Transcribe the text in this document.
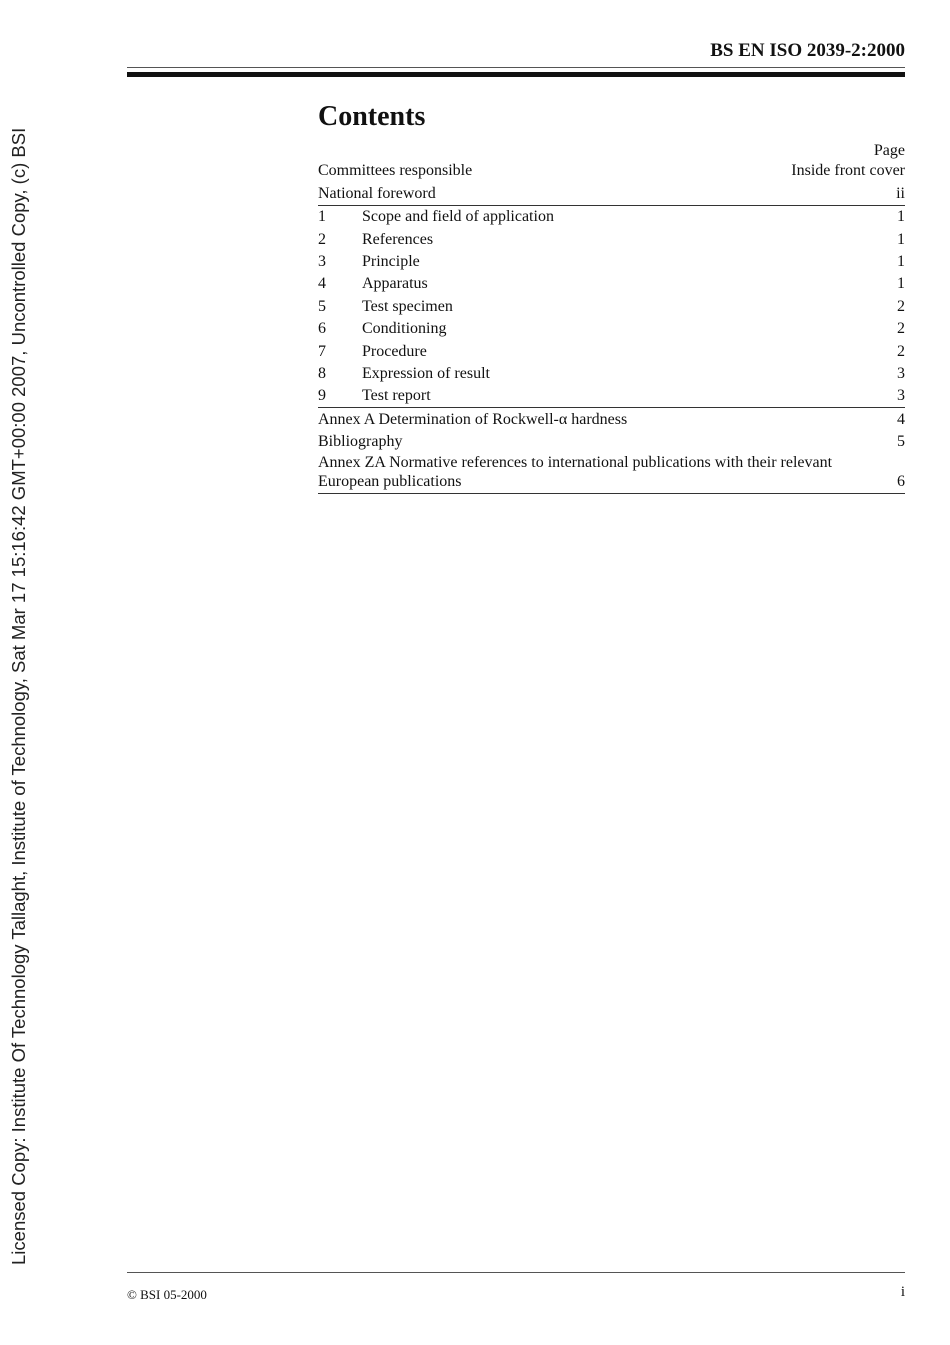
Licensed Copy: Institute Of Technology Tallaght, Institute of Technology, Sat Mar 17 15:16:42 GMT+00:00 2007, Uncontrolled Copy, (c) BSI
BS EN ISO 2039-2:2000
Contents
Page
Committees responsible	Inside front cover
National foreword	ii
1	Scope and field of application	1
2	References	1
3	Principle	1
4	Apparatus	1
5	Test specimen	2
6	Conditioning	2
7	Procedure	2
8	Expression of result	3
9	Test report	3
Annex A Determination of Rockwell-α hardness	4
Bibliography	5
Annex ZA Normative references to international publications with their relevant European publications	6
© BSI 05-2000	i
